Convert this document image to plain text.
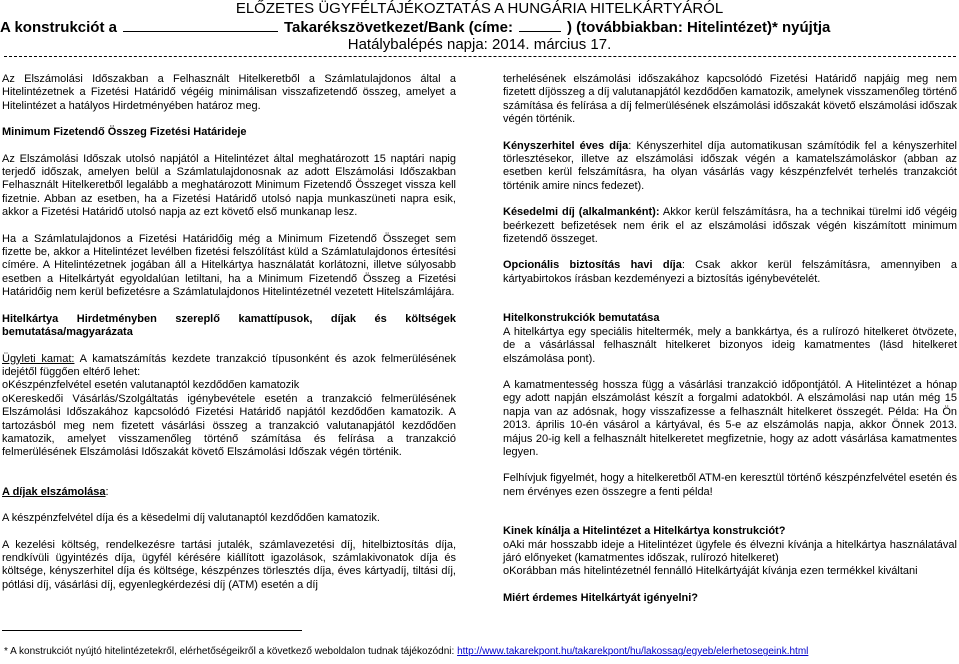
ELŐZETES ÜGYFÉLTÁJÉKOZTATÁS A HUNGÁRIA HITELKÁRTYÁRÓL
A konstrukciót a	Takarékszövetkezet/Bank (címe:	) (továbbiakban: Hitelintézet)* nyújtja
Hatálybalépés napja: 2014. március 17.

Az Elszámolási Időszakban a Felhasznált Hitelkeretből a Számlatulajdonos által a Hitelintézetnek a Fizetési Határidő végéig minimálisan visszafizetendő összeg, amelyet a Hitelintézet a hatályos Hirdetményében határoz meg.

Minimum Fizetendő Összeg Fizetési Határideje

Az Elszámolási Időszak utolsó napjától a Hitelintézet által meghatározott 15 naptári napig terjedő időszak, amelyen belül a Számlatulajdonosnak az adott Elszámolási Időszakban Felhasznált Hitelkeretből legalább a meghatározott Minimum Fizetendő Összeget vissza kell fizetnie. Abban az esetben, ha a Fizetési Határidő utolsó napja munkaszüneti napra esik, akkor a Fizetési Határidő utolsó napja az ezt követő első munkanap lesz.

Ha a Számlatulajdonos a Fizetési Határidőig még a Minimum Fizetendő Összeget sem fizette be, akkor a Hitelintézet levélben fizetési felszólítást küld a Számlatulajdonos értesítési címére. A Hitelintézetnek jogában áll a Hitelkártya használatát korlátozni, illetve súlyosabb esetben a Hitelkártyát egyoldalúan letiltani, ha a Minimum Fizetendő Összeg a Fizetési Határidőig nem kerül befizetésre a Számlatulajdonos Hitelintézetnél vezetett Hitelszámlájára.

Hitelkártya Hirdetményben szereplő kamattípusok, díjak és költségek bemutatása/magyarázata

Ügyleti kamat: A kamatszámítás kezdete tranzakció típusonként és azok felmerülésének idejétől függően eltérő lehet:

oKészpénzfelvétel esetén valutanaptól kezdődően kamatozik

oKereskedői Vásárlás/Szolgáltatás igénybevétele esetén a tranzakció felmerülésének Elszámolási Időszakához kapcsolódó Fizetési Határidő napjától kezdődően kamatozik. A tartozásból meg nem fizetett vásárlási összeg a tranzakció valutanapjától kezdődően kamatozik, amelyet visszamenőleg történő számítása és felírása a tranzakció felmerülésének Elszámolási Időszakát követő Elszámolási Időszak végén történik.

A díjak elszámolása:

A készpénzfelvétel díja és a kësedelmi díj valutanaptól kezdődően kamatozik.

A kezelési költség, rendelkezésre tartási jutalék, számlavezetési díj, hitelbiztosítás díja, rendkívüli ügyintézés díja, ügyfél kérésére kiállított igazolások, számlakivonatok díja és költsége, kényszerhitel díja és költsége, készpénzes törlesztés díja, éves kártyadíj, tiltási díj, pótlási díj, vásárlási díj, egyenlegkérdezési díj (ATM) esetén a díj

terhelésének elszámolási időszakához kapcsolódó Fizetési Határidő napjáig meg nem fizetett díjösszeg a díj valutanapjától kezdődően kamatozik, amelynek visszamenőleg történő számítása és felírása a díj felmerülésének elszámolási időszakát követő elszámolási időszak végén történik.

Kényszerhitel éves díja: Kényszerhitel díja automatikusan számítódik fel a kényszerhitel törlesztésekor, illetve az elszámolási időszak végén a kamatelszámoláskor (abban az esetben kerül felszámításra, ha olyan vásárlás vagy készpénzfelvét terhelés tranzakciót történik amire nincs fedezet).

Késedelmi díj (alkalmanként): Akkor kerül felszámításra, ha a technikai türelmi idő végéig beérkezett befizetések nem érik el az elszámolási időszak végén kiszámított minimum fizetendő összeget.

Opcionális biztosítás havi díja: Csak akkor kerül felszámításra, amennyiben a kártyabirtokos írásban kezdeményezi a biztosítás igénybevételét.

Hitelkonstrukciók bemutatása

A hitelkártya egy speciális hiteltermék, mely a bankkártya, és a rulírozó hitelkeret ötvözete, de a vásárlással felhasznált hitelkeret bizonyos ideig kamatmentes (lásd hitelkeret elszámolása pont).

A kamatmentesség hossza függ a vásárlási tranzakció időpontjától. A Hitelintézet a hónap egy adott napján elszámolást készít a forgalmi adatokból. A elszámolási nap után még 15 napja van az adósnak, hogy visszafizesse a felhasznált hitelkeret összegét. Példa: Ha Ön 2013. április 10-én vásárol a kártyával, és 5-e az elszámolás napja, akkor Önnek 2013. május 20-ig kell a felhasznált hitelkeretet megfizetnie, hogy az adott vásárlása kamatmentes legyen.

Felhívjuk figyelmét, hogy a hitelkeretből ATM-en keresztül történő készpénzfelvétel esetén és nem érvényes ezen összegre a fenti példa!

Kinek kínálja a Hitelintézet a Hitelkártya konstrukciót?

oAki már hosszabb ideje a Hitelintézet ügyfele és élvezni kívánja a hitelkártya használatával járó előnyeket (kamatmentes időszak, rulírozó hitelkeret)

oKorábban más hitelintézetnél fennálló Hitelkártyáját kívánja ezen termékkel kiváltani

Miért érdemes Hitelkártyát igényelni?

* A konstrukciót nyújtó hitelintézetekről, elérhetőségeikről a következő weboldalon tudnak tájékozódni: http://www.takarekpont.hu/takarekpont/hu/lakossag/egyeb/elerhetosegeink.html
